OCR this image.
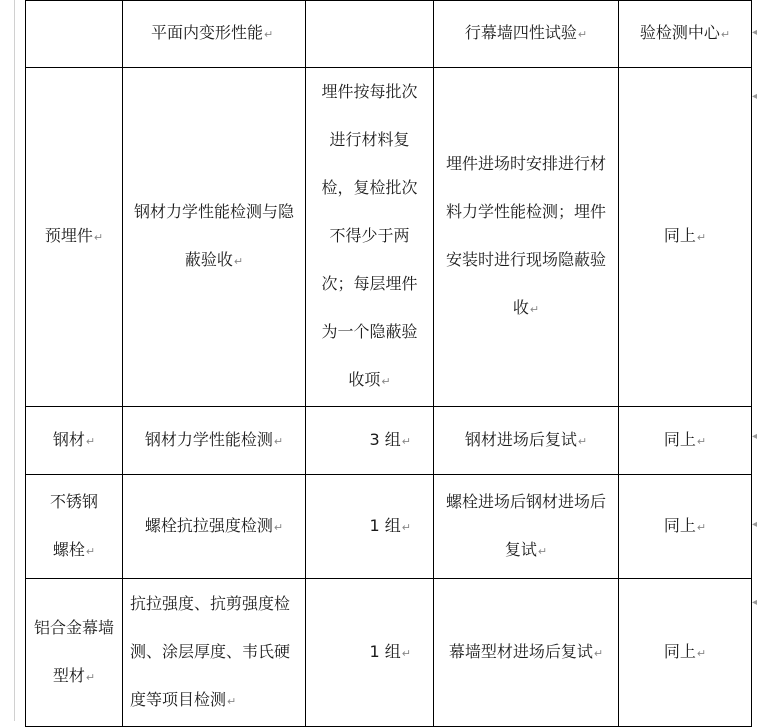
	平面内变形性能↵		行幕墙四性试验↵	验检测中心↵
预埋件↵	钢材力学性能检测与隐蔽验收↵	埋件按每批次进行材料复检，复检批次不得少于两次；每层埋件为一个隐蔽验收项↵	埋件进场时安排进行材料力学性能检测；埋件安装时进行现场隐蔽验收↵	同上↵
钢材↵	钢材力学性能检测↵	3 组↵	钢材进场后复试↵	同上↵

不锈钢螺栓↵	螺栓抗拉强度检测↵	1 组↵	螺栓进场后钢材进场后复试↵	同上↵

铝合金幕墙型材↵	抗拉强度、抗剪强度检测、涂层厚度、韦氏硬度等项目检测↵	1 组↵	幕墙型材进场后复试↵	同上↵
◂
◂
◂
◂
◂
